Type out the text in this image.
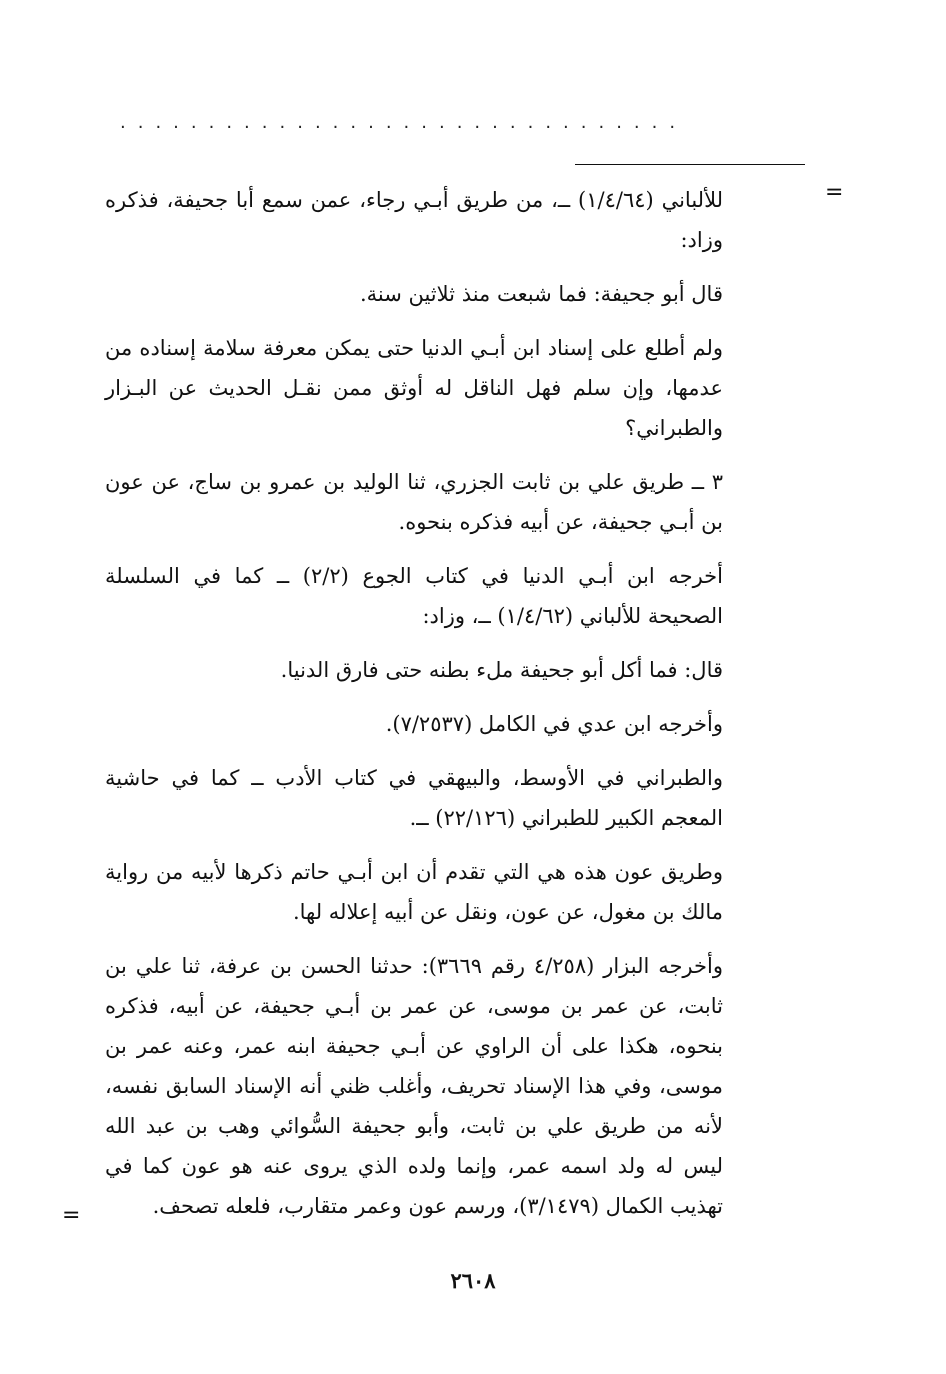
................................
=

للألباني (١/٤/٦٤) ــ، من طريق أبـي رجاء، عمن سمع أبا جحيفة، فذكره وزاد:

قال أبو جحيفة: فما شبعت منذ ثلاثين سنة.

ولم أطلع على إسناد ابن أبـي الدنيا حتى يمكن معرفة سلامة إسناده من عدمها، وإن سلم فهل الناقل له أوثق ممن نقـل الحديث عن البـزار والطبراني؟

٣ ــ طريق علي بن ثابت الجزري، ثنا الوليد بن عمرو بن ساج، عن عون بن أبـي جحيفة، عن أبيه فذكره بنحوه.

أخرجه ابن أبـي الدنيا في كتاب الجوع (٢/٢) ــ كما في السلسلة الصحيحة للألباني (١/٤/٦٢) ــ، وزاد:

قال: فما أكل أبو جحيفة ملء بطنه حتى فارق الدنيا.

وأخرجه ابن عدي في الكامل (٧/٢٥٣٧).

والطبراني في الأوسط، والبيهقي في كتاب الأدب ــ كما في حاشية المعجم الكبير للطبراني (٢٢/١٢٦) ــ.

وطريق عون هذه هي التي تقدم أن ابن أبـي حاتم ذكرها لأبيه من رواية مالك بن مغول، عن عون، ونقل عن أبيه إعلاله لها.

وأخرجه البزار (٤/٢٥٨ رقم ٣٦٦٩): حدثنا الحسن بن عرفة، ثنا علي بن ثابت، عن عمر بن موسى، عن عمر بن أبـي جحيفة، عن أبيه، فذكره بنحوه، هكذا على أن الراوي عن أبـي جحيفة ابنه عمر، وعنه عمر بن موسى، وفي هذا الإسناد تحريف، وأغلب ظني أنه الإسناد السابق نفسه، لأنه من طريق علي بن ثابت، وأبو جحيفة السُّوائي وهب بن عبد الله ليس له ولد اسمه عمر، وإنما ولده الذي يروى عنه هو عون كما في تهذيب الكمال (٣/١٤٧٩)، ورسم عون وعمر متقارب، فلعله تصحف.

=
٢٦٠٨
